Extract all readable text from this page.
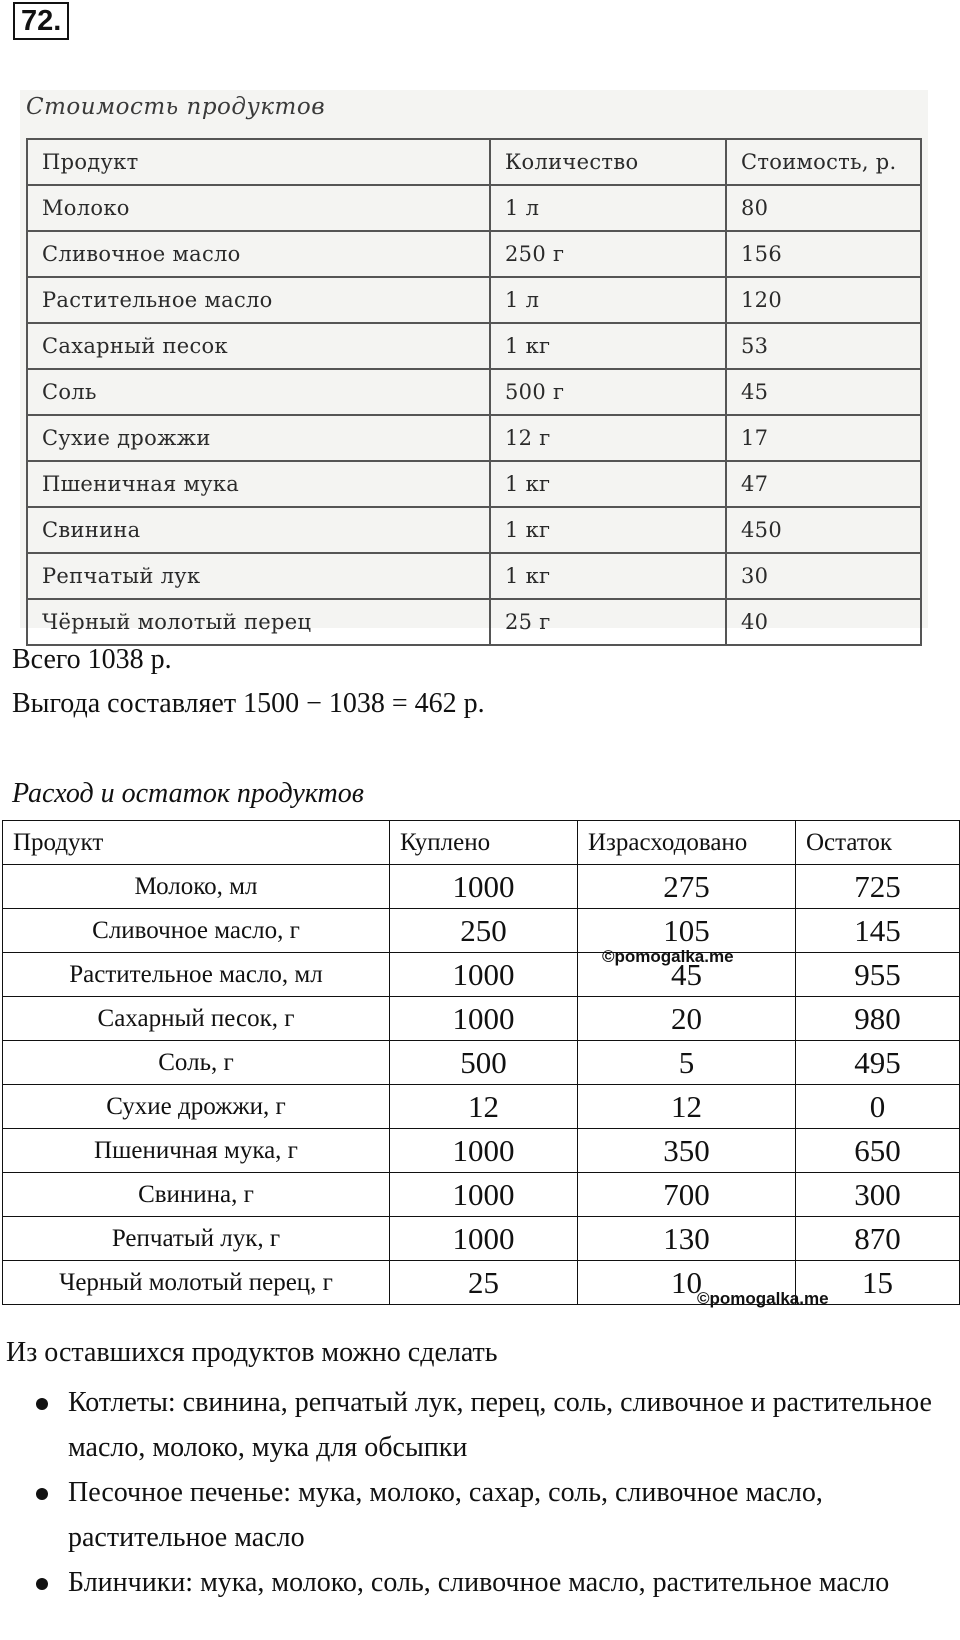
72.
Стоимость продуктов
Продукт	Количество	Стоимость, р.
Молоко	1 л	80
Сливочное масло	250 г	156
Растительное масло	1 л	120
Сахарный песок	1 кг	53
Соль	500 г	45
Сухие дрожжи	12 г	17
Пшеничная мука	1 кг	47
Свинина	1 кг	450
Репчатый лук	1 кг	30
Чёрный молотый перец	25 г	40
Всего 1038 р.
Выгода составляет 1500 − 1038 = 462 р.
Расход и остаток продуктов
Продукт	Куплено	Израсходовано	Остаток
Молоко, мл	1000	275	725
Сливочное масло, г	250	105	145
Растительное масло, мл	1000	45	955
Сахарный песок, г	1000	20	980
Соль, г	500	5	495
Сухие дрожжи, г	12	12	0
Пшеничная мука, г	1000	350	650
Свинина, г	1000	700	300
Репчатый лук, г	1000	130	870
Черный молотый перец, г	25	10	15
©pomogalka.me
©pomogalka.me
Из оставшихся продуктов можно сделать
Котлеты: свинина, репчатый лук, перец, соль, сливочное и растительное масло, молоко, мука для обсыпки
Песочное печенье: мука, молоко, сахар, соль, сливочное масло, растительное масло
Блинчики: мука, молоко, соль, сливочное масло, растительное масло
